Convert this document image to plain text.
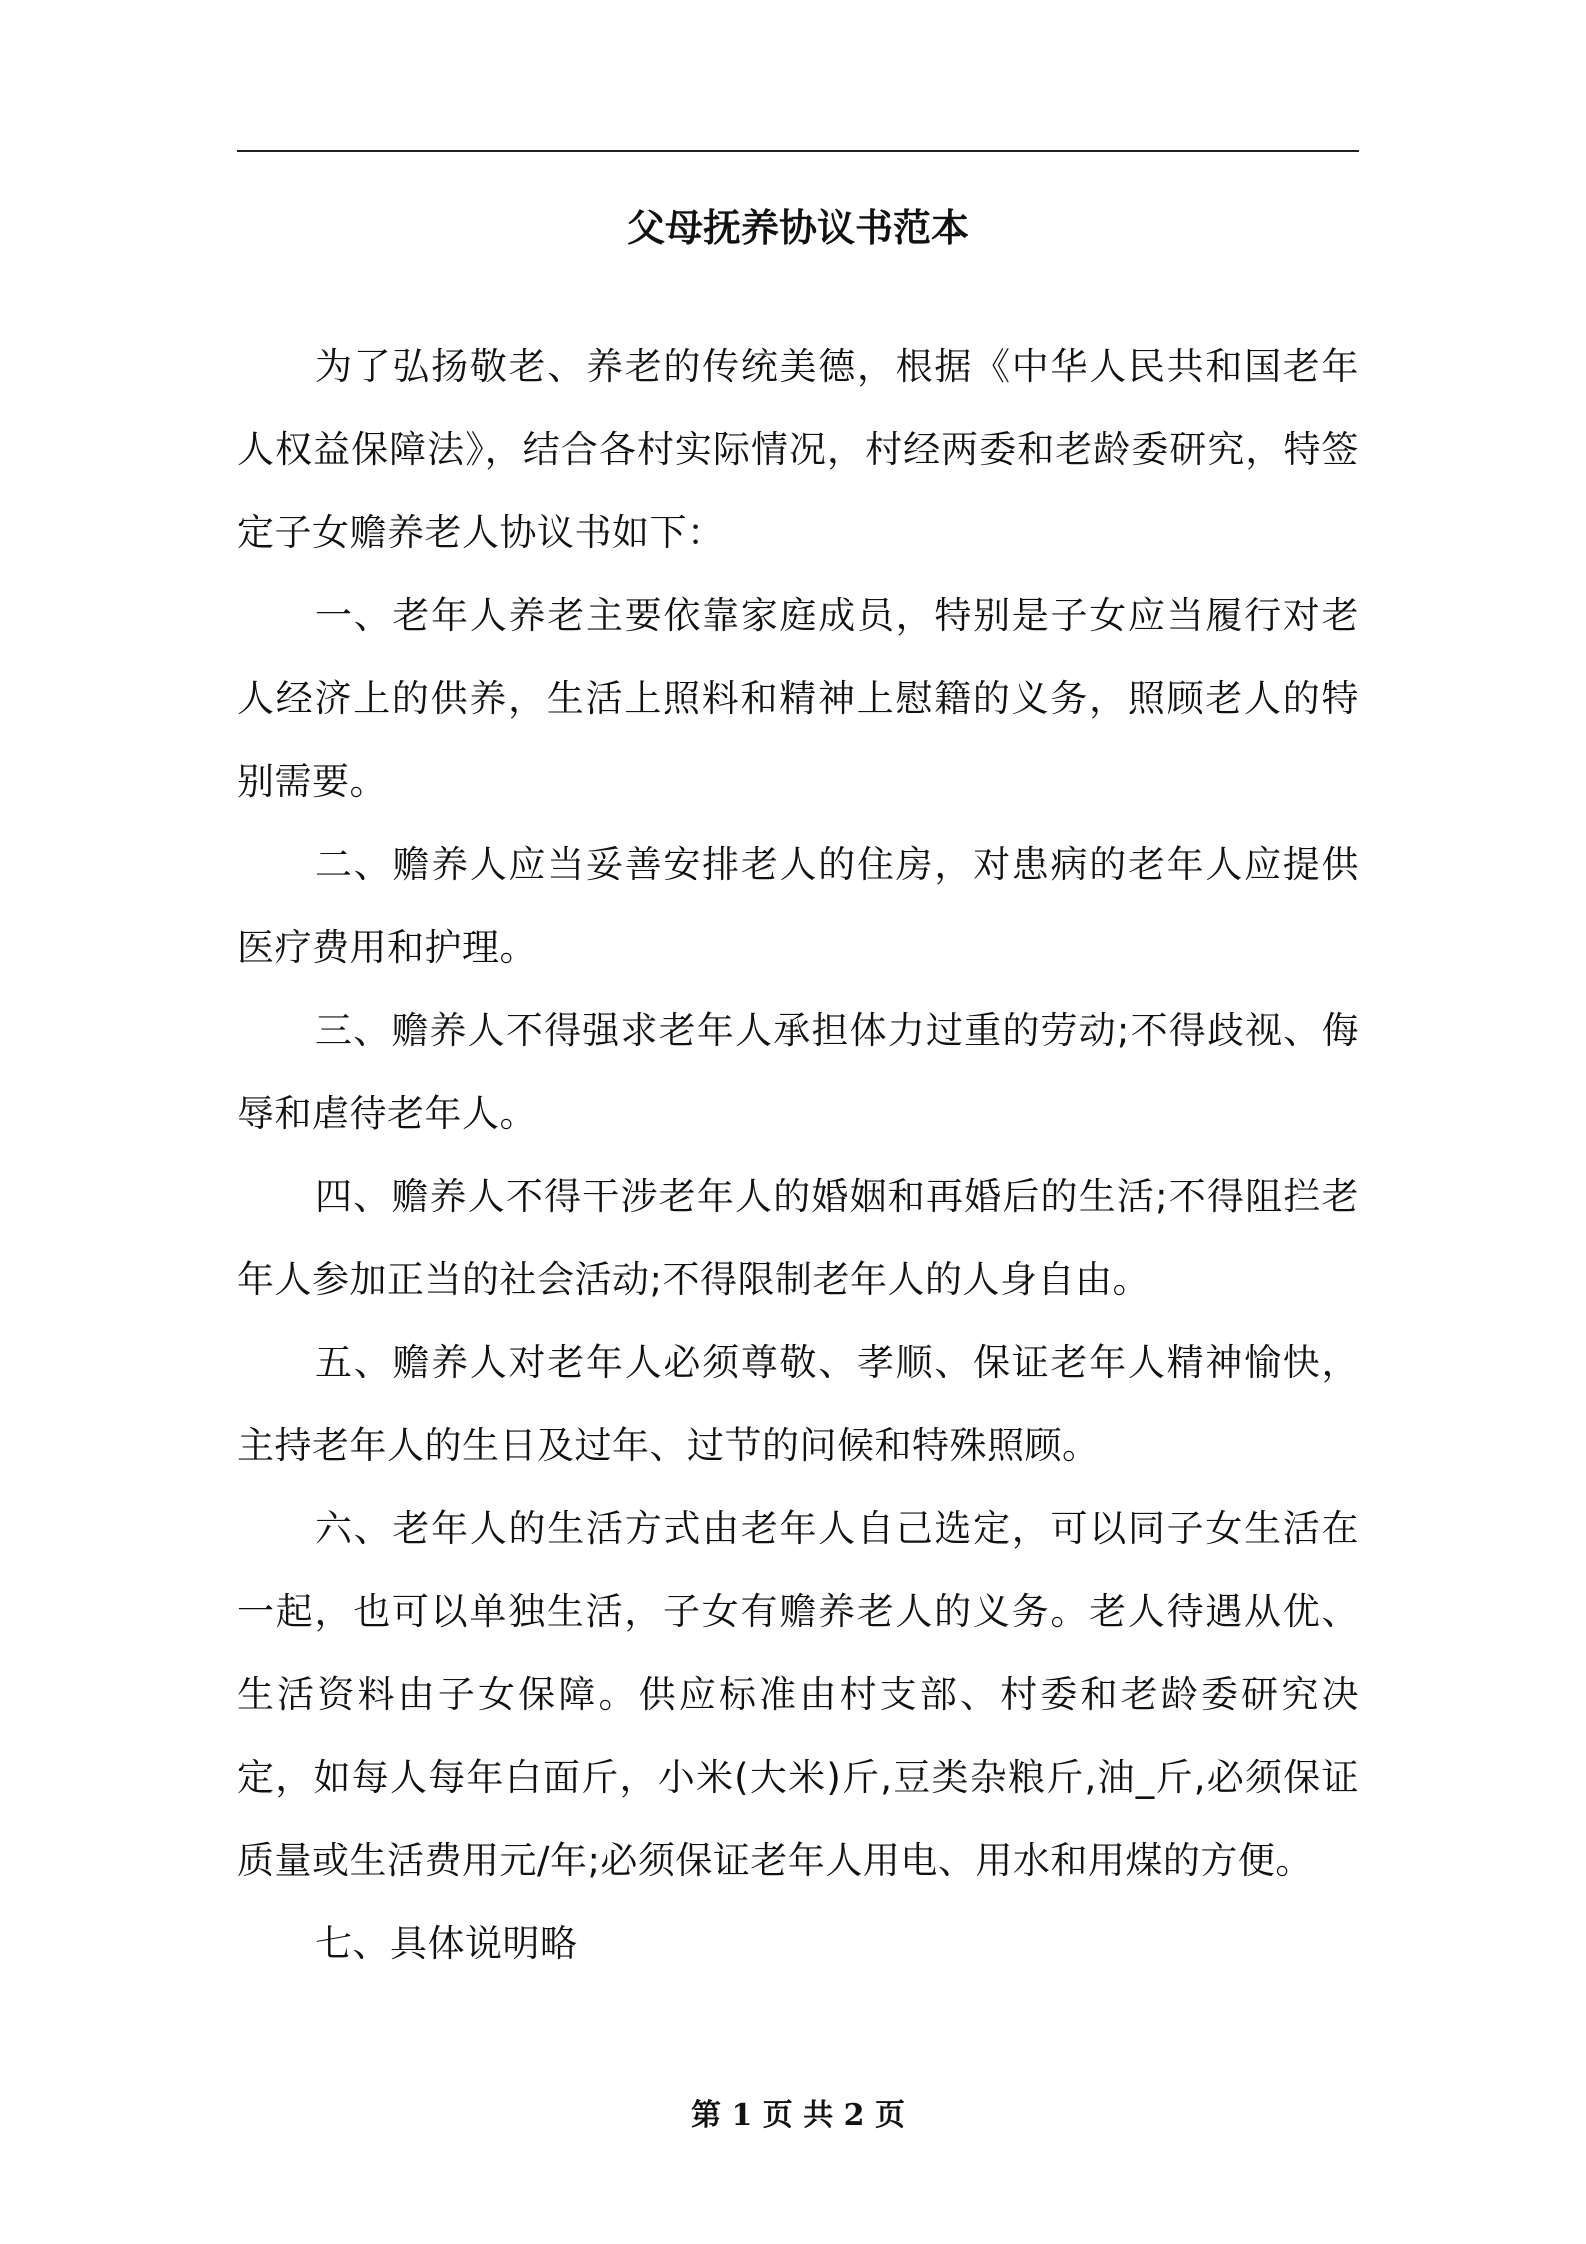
父母抚养协议书范本

为了弘扬敬老、养老的传统美德，根据《中华人民共和国老年人权益保障法》，结合各村实际情况，村经两委和老龄委研究，特签定子女赡养老人协议书如下：

一、老年人养老主要依靠家庭成员，特别是子女应当履行对老人经济上的供养，生活上照料和精神上慰籍的义务，照顾老人的特别需要。

二、赡养人应当妥善安排老人的住房，对患病的老年人应提供医疗费用和护理。

三、赡养人不得强求老年人承担体力过重的劳动;不得歧视、侮辱和虐待老年人。

四、赡养人不得干涉老年人的婚姻和再婚后的生活;不得阻拦老年人参加正当的社会活动;不得限制老年人的人身自由。

五、赡养人对老年人必须尊敬、孝顺、保证老年人精神愉快，主持老年人的生日及过年、过节的问候和特殊照顾。

六、老年人的生活方式由老年人自己选定，可以同子女生活在一起，也可以单独生活，子女有赡养老人的义务。老人待遇从优、生活资料由子女保障。供应标准由村支部、村委和老龄委研究决定，如每人每年白面斤，小米(大米)斤,豆类杂粮斤,油_斤,必须保证质量或生活费用元/年;必须保证老年人用电、用水和用煤的方便。

七、具体说明略

第 1 页 共 2 页
